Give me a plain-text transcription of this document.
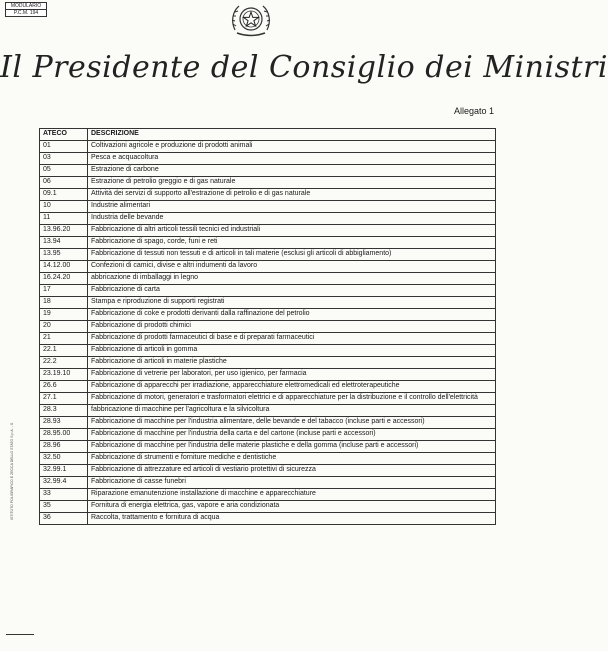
MODULARIO
P.C.M. 194
Il Presidente del Consiglio dei Ministri
Allegato 1
ISTITUTO POLIGRAFICO E ZECCA DELLO STATO S.p.A. - S.
ATECO	DESCRIZIONE
01	Coltivazioni agricole e produzione di prodotti animali
03	Pesca e acquacoltura
05	Estrazione di carbone
06	Estrazione di petrolio greggio e di gas naturale
09.1	Attività dei servizi di supporto all'estrazione di petrolio e di gas naturale
10	Industrie alimentari
11	Industria delle bevande
13.96.20	Fabbricazione di altri articoli tessili tecnici ed industriali
13.94	Fabbricazione di spago, corde, funi e reti
13.95	Fabbricazione di tessuti non tessuti e di articoli in tali materie (esclusi gli articoli di abbigliamento)
14.12.00	Confezioni di camici, divise e altri indumenti da lavoro
16.24.20	abbricazione di imballaggi in legno
17	Fabbricazione di carta
18	Stampa e riproduzione di supporti registrati
19	Fabbricazione di coke e prodotti derivanti dalla raffinazione del petrolio
20	Fabbricazione di prodotti chimici
21	Fabbricazione di prodotti farmaceutici di base e di preparati farmaceutici
22.1	Fabbricazione di articoli in gomma
22.2	Fabbricazione di articoli in materie plastiche
23.19.10	Fabbricazione di vetrerie per laboratori, per uso igienico, per farmacia
26.6	Fabbricazione di apparecchi per irradiazione, apparecchiature elettromedicali ed elettroterapeutiche
27.1	Fabbricazione di motori, generatori e trasformatori elettrici e di apparecchiature per la distribuzione e il controllo dell'elettricità
28.3	fabbricazione di macchine per l'agricoltura e la silvicoltura
28.93	Fabbricazione di macchine per l'industria alimentare, delle bevande e del tabacco (incluse parti e accessori)
28.95.00	Fabbricazione di macchine per l'industria della carta e del cartone (incluse parti e accessori)
28.96	Fabbricazione di macchine per l'industria delle materie plastiche e della gomma (incluse parti e accessori)
32.50	Fabbricazione di strumenti e forniture mediche e dentistiche
32.99.1	Fabbricazione di attrezzature ed articoli di vestiario protettivi di sicurezza
32.99.4	Fabbricazione di casse funebri
33	Riparazione emanutenzione installazione di macchine e apparecchiature
35	Fornitura di energia elettrica, gas, vapore e aria condizionata
36	Raccolta, trattamento e fornitura di acqua
